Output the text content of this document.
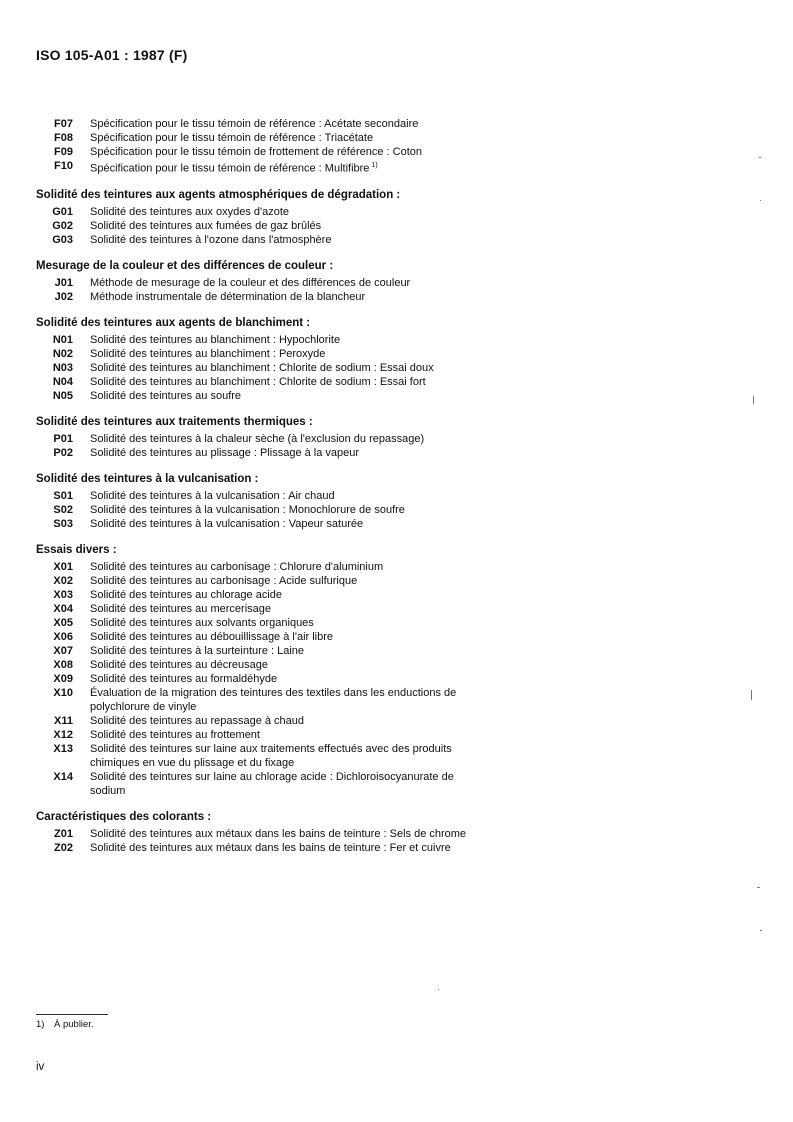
ISO 105-A01 : 1987 (F)
F07 Spécification pour le tissu témoin de référence : Acétate secondaire
F08 Spécification pour le tissu témoin de référence : Triacétate
F09 Spécification pour le tissu témoin de frottement de référence : Coton
F10 Spécification pour le tissu témoin de référence : Multifibre $^{1)}$
Solidité des teintures aux agents atmosphériques de dégradation :
G01 Solidité des teintures aux oxydes d'azote
G02 Solidité des teintures aux fumées de gaz brûlés
G03 Solidité des teintures à l'ozone dans l'atmosphère
Mesurage de la couleur et des différences de couleur :
J01 Méthode de mesurage de la couleur et des différences de couleur
J02 Méthode instrumentale de détermination de la blancheur
Solidité des teintures aux agents de blanchiment :
N01 Solidité des teintures au blanchiment : Hypochlorite
N02 Solidité des teintures au blanchiment : Peroxyde
N03 Solidité des teintures au blanchiment : Chlorite de sodium : Essai doux
N04 Solidité des teintures au blanchiment : Chlorite de sodium : Essai fort
N05 Solidité des teintures au soufre
Solidité des teintures aux traitements thermiques :
P01 Solidité des teintures à la chaleur sèche (à l'exclusion du repassage)
P02 Solidité des teintures au plissage : Plissage à la vapeur
Solidité des teintures à la vulcanisation :
S01 Solidité des teintures à la vulcanisation : Air chaud
S02 Solidité des teintures à la vulcanisation : Monochlorure de soufre
S03 Solidité des teintures à la vulcanisation : Vapeur saturée
Essais divers :
X01 Solidité des teintures au carbonisage : Chlorure d'aluminium
X02 Solidité des teintures au carbonisage : Acide sulfurique
X03 Solidité des teintures au chlorage acide
X04 Solidité des teintures au mercerisage
X05 Solidité des teintures aux solvants organiques
X06 Solidité des teintures au débouillissage à l'air libre
X07 Solidité des teintures à la surteinture : Laine
X08 Solidité des teintures au décreusage
X09 Solidité des teintures au formaldéhyde
X10 Évaluation de la migration des teintures des textiles dans les enductions de polychlorure de vinyle
X11 Solidité des teintures au repassage à chaud
X12 Solidité des teintures au frottement
X13 Solidité des teintures sur laine aux traitements effectués avec des produits chimiques en vue du plissage et du fixage
X14 Solidité des teintures sur laine au chlorage acide : Dichloroisocyanurate de sodium
Caractéristiques des colorants :
Z01 Solidité des teintures aux métaux dans les bains de teinture : Sels de chrome
Z02 Solidité des teintures aux métaux dans les bains de teinture : Fer et cuivre
1)	À publier.
iv
